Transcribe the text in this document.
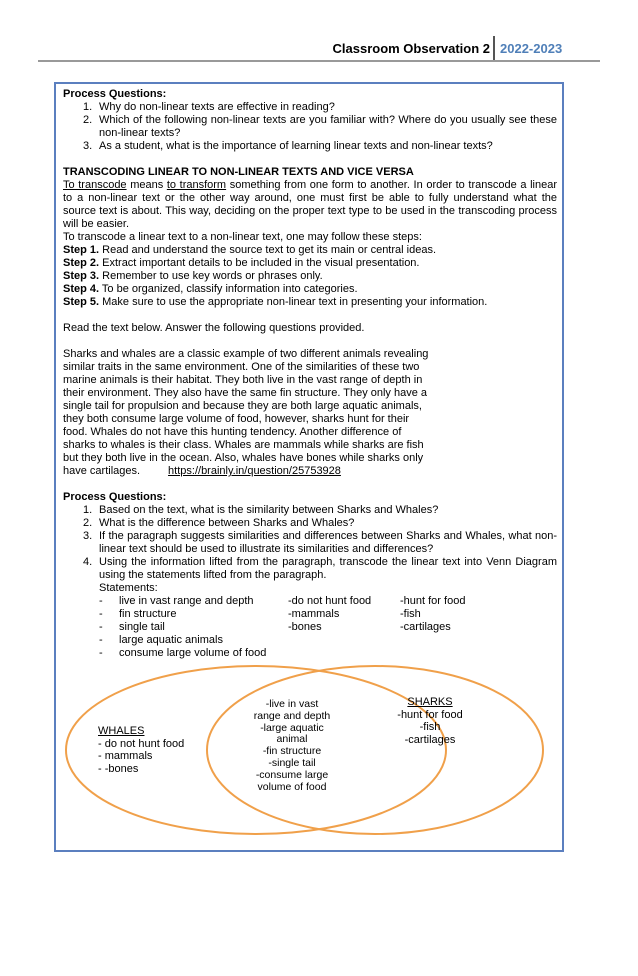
Classroom Observation 2 2022-2023
Process Questions:
1. Why do non-linear texts are effective in reading?
2. Which of the following non-linear texts are you familiar with? Where do you usually see these non-linear texts?
3. As a student, what is the importance of learning linear texts and non-linear texts?
TRANSCODING LINEAR TO NON-LINEAR TEXTS AND VICE VERSA

To transcode means to transform something from one form to another. In order to transcode a linear to a non-linear text or the other way around, one must first be able to fully understand what the source text is about. This way, deciding on the proper text type to be used in the transcoding process will be easier.

To transcode a linear text to a non-linear text, one may follow these steps:

Step 1. Read and understand the source text to get its main or central ideas.

Step 2. Extract important details to be included in the visual presentation.

Step 3. Remember to use key words or phrases only.

Step 4. To be organized, classify information into categories.

Step 5. Make sure to use the appropriate non-linear text in presenting your information.

Read the text below. Answer the following questions provided.

Sharks and whales are a classic example of two different animals revealing
similar traits in the same environment. One of the similarities of these two
marine animals is their habitat. They both live in the vast range of depth in
their environment. They also have the same fin structure. They only have a
single tail for propulsion and because they are both large aquatic animals,
they both consume large volume of food, however, sharks hunt for their
food. Whales do not have this hunting tendency. Another difference of
sharks to whales is their class. Whales are mammals while sharks are fish
but they both live in the ocean. Also, whales have bones while sharks only
have cartilages.	https://brainly.in/question/25753928
Process Questions:
1. Based on the text, what is the similarity between Sharks and Whales?
2. What is the difference between Sharks and Whales?
3. If the paragraph suggests similarities and differences between Sharks and Whales, what non-linear text should be used to illustrate its similarities and differences?
4. Using the information lifted from the paragraph, transcode the linear text into Venn Diagram using the statements lifted from the paragraph.
Statements:
- live in vast range and depth
- fin structure
- single tail
- large aquatic animals
- consume large volume of food
-do not hunt food
-mammals
-bones
-hunt for food
-fish
-cartilages
WHALES
- do not hunt food
- mammals
- -bones
-live in vast
range and depth
-large aquatic
animal
-fin structure
-single tail
-consume large
volume of food
SHARKS
-hunt for food
-fish
-cartilages
